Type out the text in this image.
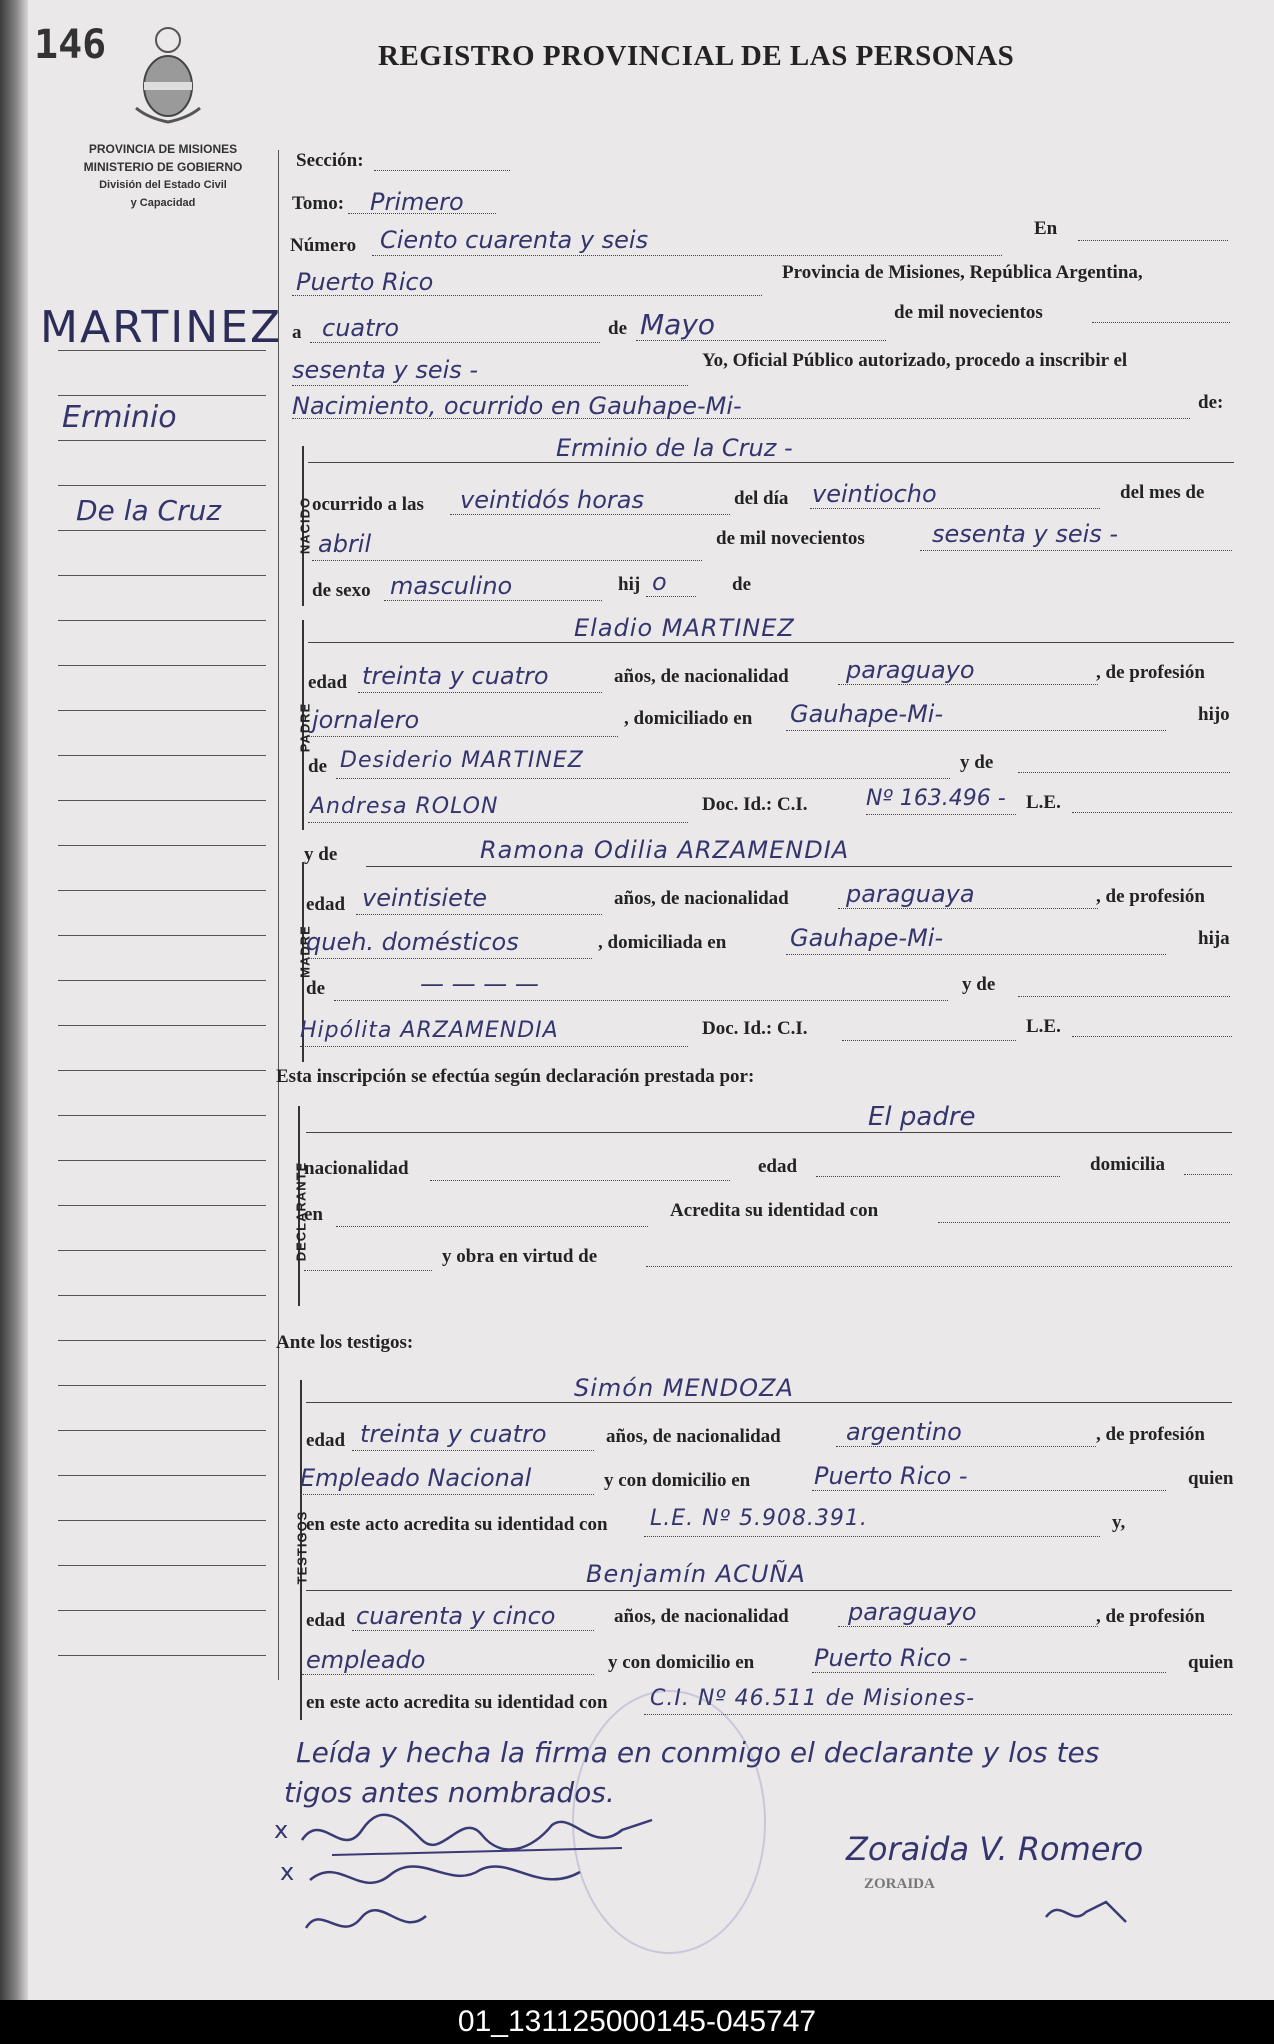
146	REGISTRO PROVINCIAL DE LAS PERSONAS
PROVINCIA DE MISIONES
MINISTERIO DE GOBIERNO
División del Estado Civil
y Capacidad
MARTINEZ
Erminio
De la Cruz
Sección:
Tomo: Primero
Número Ciento cuarenta y seis	En
Puerto Rico	Provincia de Misiones, República Argentina,
a cuatro	de Mayo	de mil novecientos
sesenta y seis -	Yo, Oficial Público autorizado, procedo a inscribir el
Nacimiento, ocurrido en Gauhape-Mi-	de:
NACIDO
Erminio de la Cruz -
ocurrido a las veintidós horas	del día veintiocho	del mes de
abril	de mil novecientos	sesenta y seis -
de sexo masculino	hij o	de
PADRE
Eladio MARTINEZ
edad treinta y cuatro	años, de nacionalidad paraguayo	, de profesión
jornalero	, domiciliado en Gauhape-Mi-	hijo
de Desiderio MARTINEZ	y de
Andresa ROLON	Doc. Id.: C.I.	Nº 163.496 - L.E.
MADRE
y de	Ramona Odilia ARZAMENDIA
edad veintisiete	años, de nacionalidad paraguaya	, de profesión
queh. domésticos	, domiciliada en	Gauhape-Mi-	hija
de	— — — —	y de
Hipólita ARZAMENDIA	Doc. Id.: C.I.	L.E.
Esta inscripción se efectúa según declaración prestada por:
DECLARANTE
El padre
nacionalidad	edad	domicilia
en	Acredita su identidad con
y obra en virtud de
Ante los testigos:
TESTIGOS
Simón MENDOZA
edad treinta y cuatro	años, de nacionalidad	argentino	, de profesión
Empleado Nacional	y con domicilio en	Puerto Rico -	quien
en este acto acredita su identidad con L.E. Nº 5.908.391.	y,
Benjamín ACUÑA
edad cuarenta y cinco	años, de nacionalidad paraguayo	, de profesión
empleado	y con domicilio en Puerto Rico -	quien
en este acto acredita su identidad con C.I. Nº 46.511 de Misiones-
Leída y hecha la firma en conmigo el declarante y los tes
tigos antes nombrados.
x
x
Zoraida V. Romero
ZORAIDA
01_131125000145-045747
